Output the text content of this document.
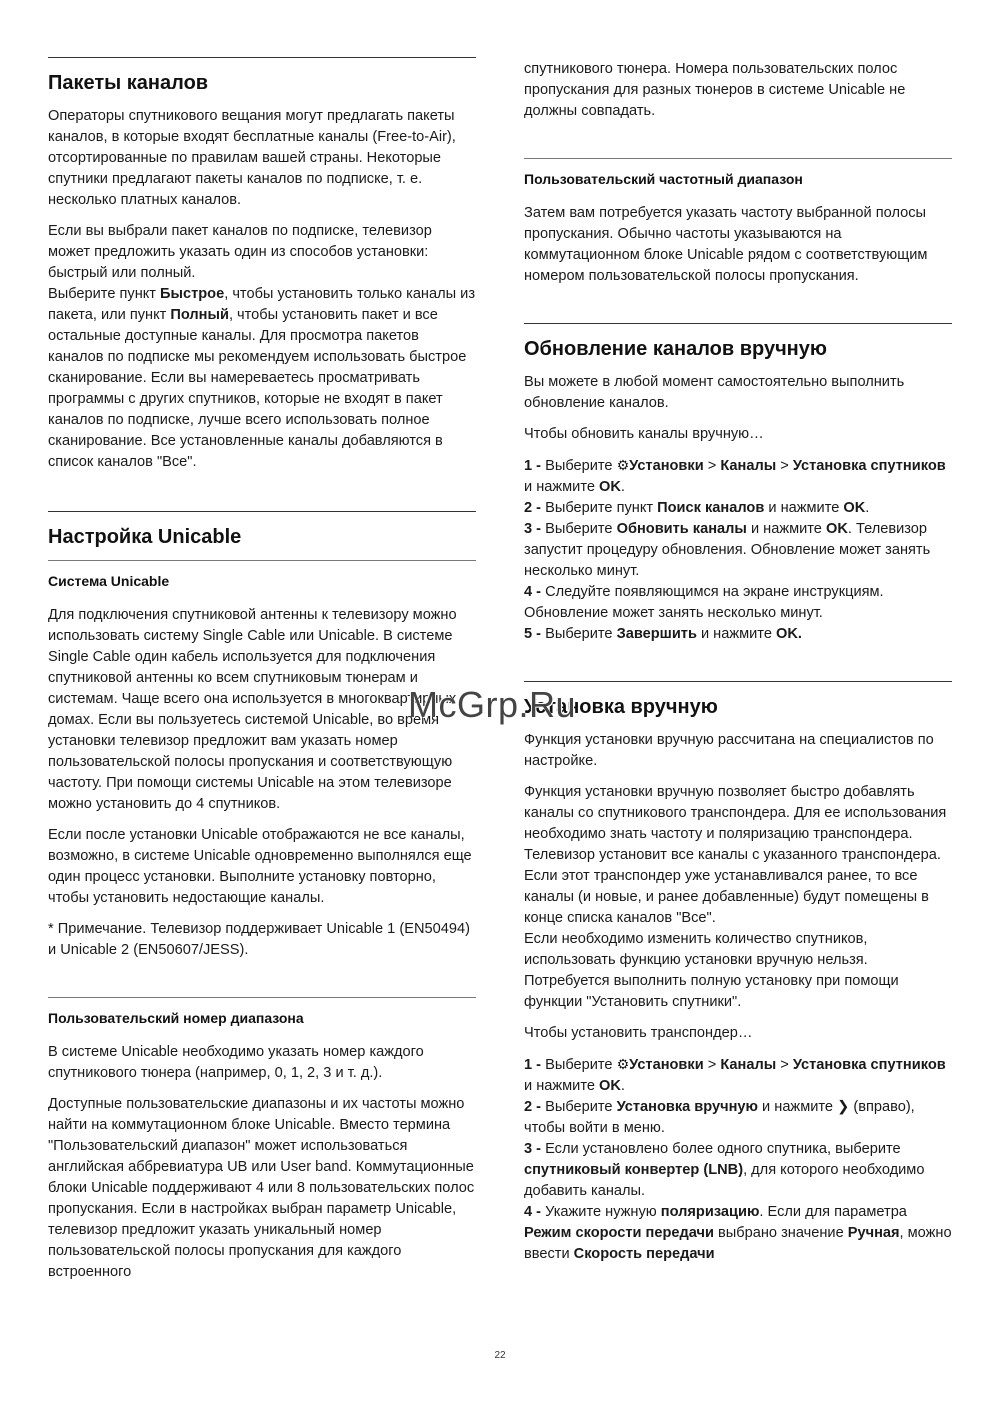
Пакеты каналов

Операторы спутникового вещания могут предлагать пакеты каналов, в которые входят бесплатные каналы (Free-to-Air), отсортированные по правилам вашей страны. Некоторые спутники предлагают пакеты каналов по подписке, т. е. несколько платных каналов.

Если вы выбрали пакет каналов по подписке, телевизор может предложить указать один из способов установки: быстрый или полный.

Выберите пункт Быстрое, чтобы установить только каналы из пакета, или пункт Полный, чтобы установить пакет и все остальные доступные каналы. Для просмотра пакетов каналов по подписке мы рекомендуем использовать быстрое сканирование. Если вы намереваетесь просматривать программы с других спутников, которые не входят в пакет каналов по подписке, лучше всего использовать полное сканирование. Все установленные каналы добавляются в список каналов "Все".

Настройка Unicable
Система Unicable

Для подключения спутниковой антенны к телевизору можно использовать систему Single Cable или Unicable. В системе Single Cable один кабель используется для подключения спутниковой антенны ко всем спутниковым тюнерам и системам. Чаще всего она используется в многоквартирных домах. Если вы пользуетесь системой Unicable, во время установки телевизор предложит вам указать номер пользовательской полосы пропускания и соответствующую частоту. При помощи системы Unicable на этом телевизоре можно установить до 4 спутников.

Если после установки Unicable отображаются не все каналы, возможно, в системе Unicable одновременно выполнялся еще один процесс установки. Выполните установку повторно, чтобы установить недостающие каналы.

* Примечание. Телевизор поддерживает Unicable 1 (EN50494) и Unicable 2 (EN50607/JESS).

Пользовательский номер диапазона

В системе Unicable необходимо указать номер каждого спутникового тюнера (например, 0, 1, 2, 3 и т. д.).

Доступные пользовательские диапазоны и их частоты можно найти на коммутационном блоке Unicable. Вместо термина "Пользовательский диапазон" может использоваться английская аббревиатура UB или User band. Коммутационные блоки Unicable поддерживают 4 или 8 пользовательских полос пропускания. Если в настройках выбран параметр Unicable, телевизор предложит указать уникальный номер пользовательской полосы пропускания для каждого встроенного

спутникового тюнера. Номера пользовательских полос пропускания для разных тюнеров в системе Unicable не должны совпадать.

Пользовательский частотный диапазон

Затем вам потребуется указать частоту выбранной полосы пропускания. Обычно частоты указываются на коммутационном блоке Unicable рядом с соответствующим номером пользовательской полосы пропускания.

Обновление каналов вручную

Вы можете в любой момент самостоятельно выполнить обновление каналов.

Чтобы обновить каналы вручную…

1 - Выберите ⚙Установки > Каналы > Установка спутников и нажмите OK.

2 - Выберите пункт Поиск каналов и нажмите OK.

3 - Выберите Обновить каналы и нажмите OK. Телевизор запустит процедуру обновления. Обновление может занять несколько минут.

4 - Следуйте появляющимся на экране инструкциям. Обновление может занять несколько минут.

5 - Выберите Завершить и нажмите OK.

Установка вручную

Функция установки вручную рассчитана на специалистов по настройке.

Функция установки вручную позволяет быстро добавлять каналы со спутникового транспондера. Для ее использования необходимо знать частоту и поляризацию транспондера. Телевизор установит все каналы с указанного транспондера. Если этот транспондер уже устанавливался ранее, то все каналы (и новые, и ранее добавленные) будут помещены в конце списка каналов "Все".

Если необходимо изменить количество спутников, использовать функцию установки вручную нельзя. Потребуется выполнить полную установку при помощи функции "Установить спутники".

Чтобы установить транспондер…

1 - Выберите ⚙Установки > Каналы > Установка спутников и нажмите OK.

2 - Выберите Установка вручную и нажмите ❯ (вправо), чтобы войти в меню.

3 - Если установлено более одного спутника, выберите спутниковый конвертер (LNB), для которого необходимо добавить каналы.

4 - Укажите нужную поляризацию. Если для параметра Режим скорости передачи выбрано значение Ручная, можно ввести Скорость передачи

McGrp.Ru
22
